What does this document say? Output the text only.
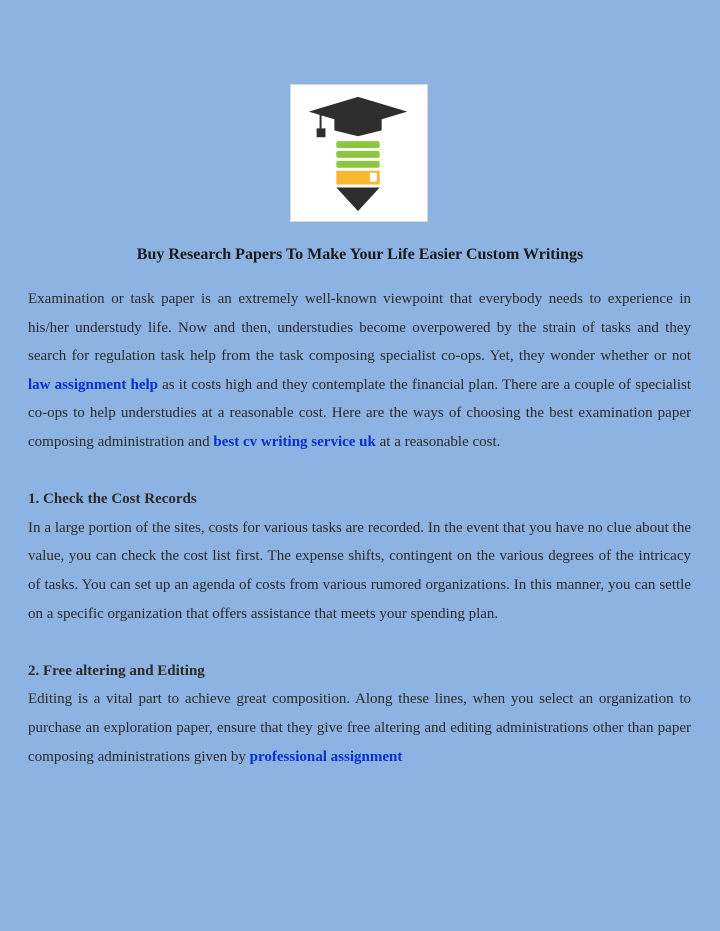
Buy Research Papers To Make Your Life Easier Custom Writings

Examination or task paper is an extremely well-known viewpoint that everybody needs to experience in his/her understudy life. Now and then, understudies become overpowered by the strain of tasks and they search for regulation task help from the task composing specialist co-ops. Yet, they wonder whether or not law assignment help as it costs high and they contemplate the financial plan. There are a couple of specialist co-ops to help understudies at a reasonable cost. Here are the ways of choosing the best examination paper composing administration and best cv writing service uk at a reasonable cost.

1. Check the Cost Records

In a large portion of the sites, costs for various tasks are recorded. In the event that you have no clue about the value, you can check the cost list first. The expense shifts, contingent on the various degrees of the intricacy of tasks. You can set up an agenda of costs from various rumored organizations. In this manner, you can settle on a specific organization that offers assistance that meets your spending plan.

2. Free altering and Editing

Editing is a vital part to achieve great composition. Along these lines, when you select an organization to purchase an exploration paper, ensure that they give free altering and editing administrations other than paper composing administrations given by professional assignment
